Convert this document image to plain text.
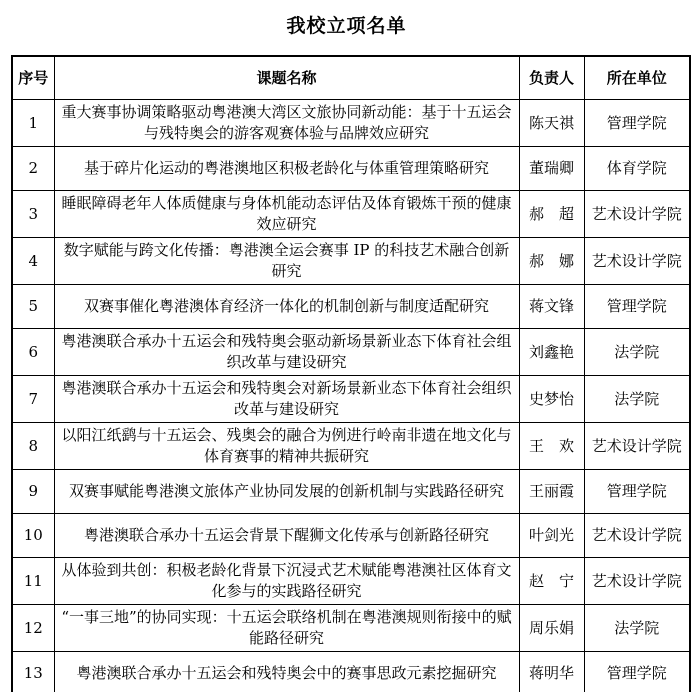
我校立项名单
序号	课题名称	负责人	所在单位
1	重大赛事协调策略驱动粤港澳大湾区文旅协同新动能：基于十五运会与残特奥会的游客观赛体验与品牌效应研究	陈天祺	管理学院
2	基于碎片化运动的粤港澳地区积极老龄化与体重管理策略研究	董瑞卿	体育学院
3	睡眠障碍老年人体质健康与身体机能动态评估及体育锻炼干预的健康效应研究	郝　超	艺术设计学院
4	数字赋能与跨文化传播：粤港澳全运会赛事 IP 的科技艺术融合创新研究	郝　娜	艺术设计学院
5	双赛事催化粤港澳体育经济一体化的机制创新与制度适配研究	蒋文锋	管理学院
6	粤港澳联合承办十五运会和残特奥会驱动新场景新业态下体育社会组织改革与建设研究	刘鑫艳	法学院
7	粤港澳联合承办十五运会和残特奥会对新场景新业态下体育社会组织改革与建设研究	史梦怡	法学院
8	以阳江纸鹞与十五运会、残奥会的融合为例进行岭南非遗在地文化与体育赛事的精神共振研究	王　欢	艺术设计学院
9	双赛事赋能粤港澳文旅体产业协同发展的创新机制与实践路径研究	王丽霞	管理学院
10	粤港澳联合承办十五运会背景下醒狮文化传承与创新路径研究	叶剑光	艺术设计学院
11	从体验到共创：积极老龄化背景下沉浸式艺术赋能粤港澳社区体育文化参与的实践路径研究	赵　宁	艺术设计学院
12	“一事三地”的协同实现：十五运会联络机制在粤港澳规则衔接中的赋能路径研究	周乐娟	法学院
13	粤港澳联合承办十五运会和残特奥会中的赛事思政元素挖掘研究	蒋明华	管理学院
